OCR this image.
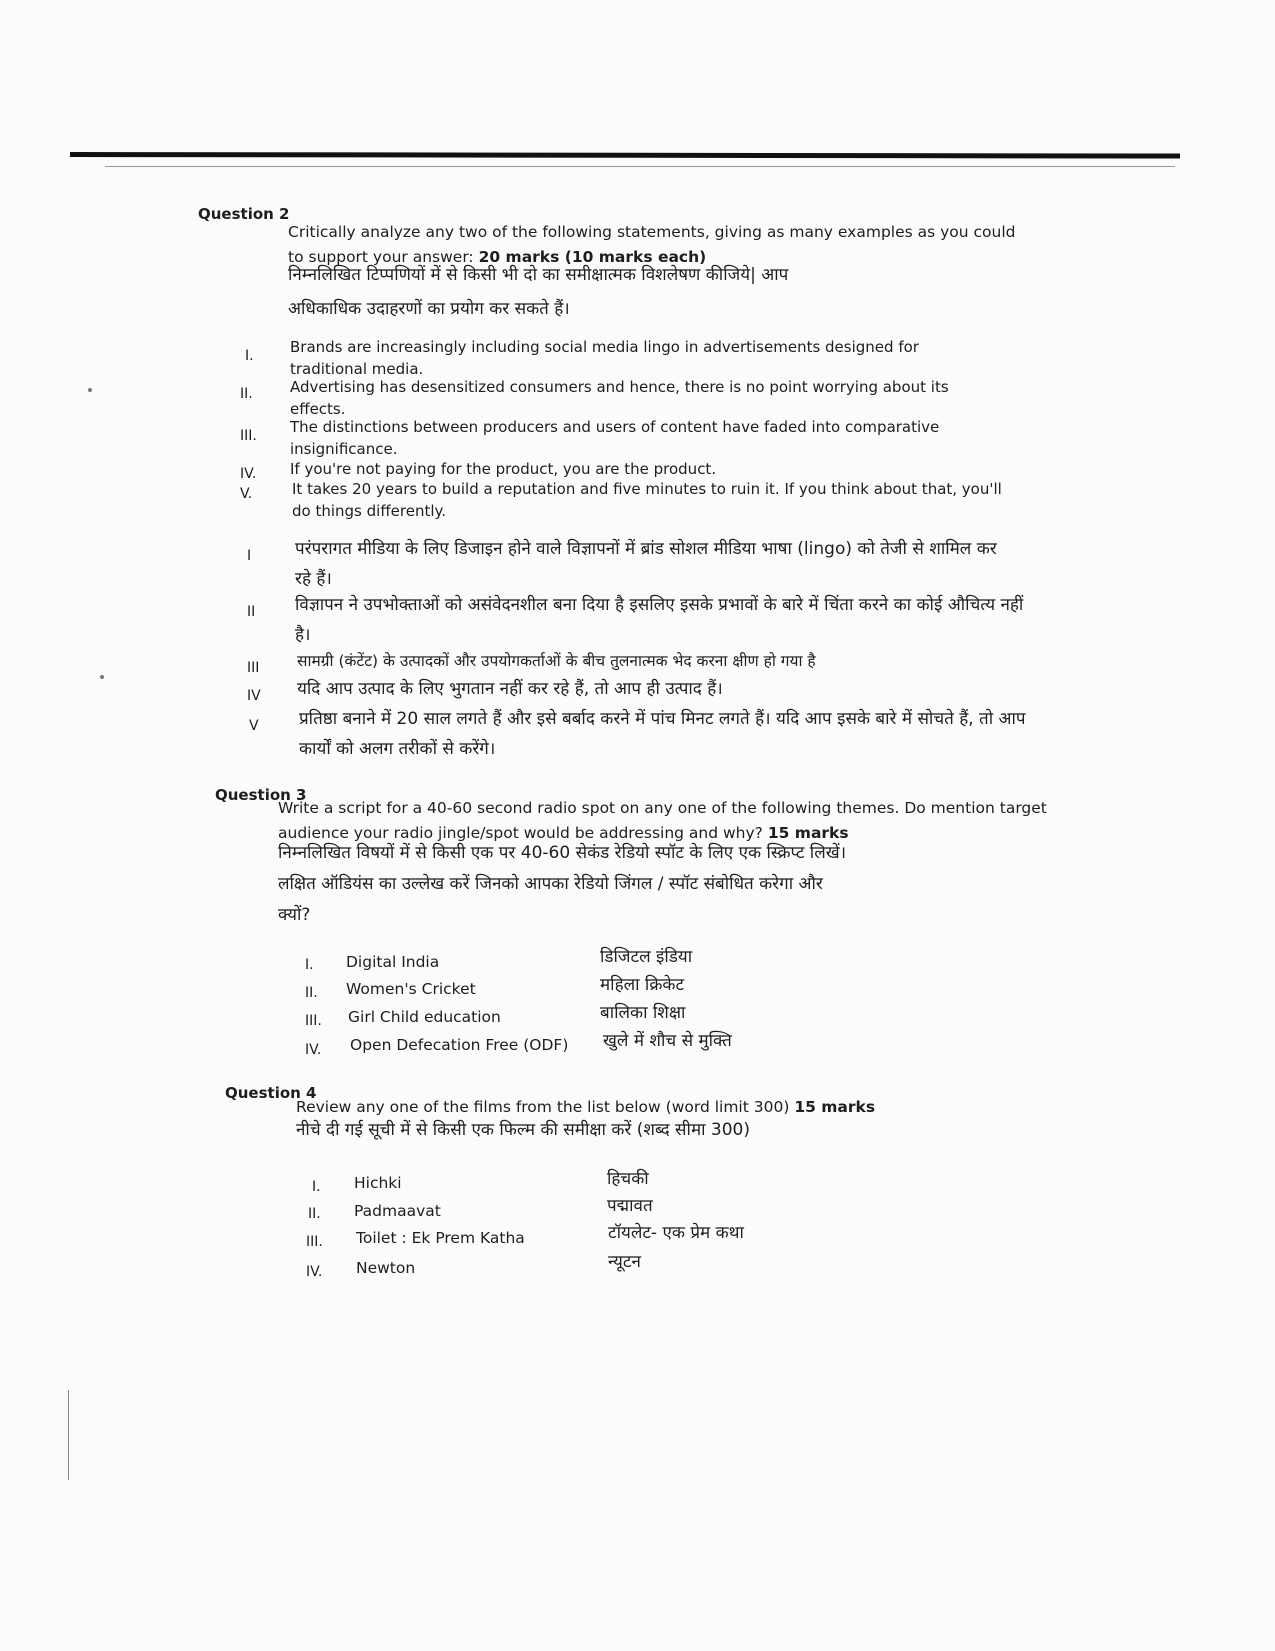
Question 2
Critically analyze any two of the following statements, giving as many examples as you could to support your answer: 20 marks (10 marks each)
निम्नलिखित टिप्पणियों में से किसी भी दो का समीक्षात्मक विशलेषण कीजिये| आप
अधिकाधिक उदाहरणों का प्रयोग कर सकते हैं।
I. Brands are increasingly including social media lingo in advertisements designed for traditional media.
II. Advertising has desensitized consumers and hence, there is no point worrying about its effects.
III. The distinctions between producers and users of content have faded into comparative insignificance.
IV. If you're not paying for the product, you are the product.
V.	It takes 20 years to build a reputation and five minutes to ruin it. If you think about that, you'll do things differently.
I	परंपरागत मीडिया के लिए डिजाइन होने वाले विज्ञापनों में ब्रांड सोशल मीडिया भाषा (lingo) को तेजी से शामिल कर रहे हैं।
II विज्ञापन ने उपभोक्ताओं को असंवेदनशील बना दिया है इसलिए इसके प्रभावों के बारे में चिंता करने का कोई औचित्य नहीं है।
III सामग्री (कंटेंट) के उत्पादकों और उपयोगकर्ताओं के बीच तुलनात्मक भेद करना क्षीण हो गया है
IV यदि आप उत्पाद के लिए भुगतान नहीं कर रहे हैं, तो आप ही उत्पाद हैं।
V प्रतिष्ठा बनाने में 20 साल लगते हैं और इसे बर्बाद करने में पांच मिनट लगते हैं। यदि आप इसके बारे में सोचते हैं, तो आप कार्यों को अलग तरीकों से करेंगे।
Question 3
Write a script for a 40-60 second radio spot on any one of the following themes. Do mention target audience your radio jingle/spot would be addressing and why? 15 marks
निम्नलिखित विषयों में से किसी एक पर 40-60 सेकंड रेडियो स्पॉट के लिए एक स्क्रिप्ट लिखें।
लक्षित ऑडियंस का उल्लेख करें जिनको आपका रेडियो जिंगल / स्पॉट संबोधित करेगा और
क्यों?
I. Digital India	डिजिटल इंडिया
II. Women's Cricket	महिला क्रिकेट
III. Girl Child education	बालिका शिक्षा
IV. Open Defecation Free (ODF) खुले में शौच से मुक्ति
Question 4
Review any one of the films from the list below (word limit 300) 15 marks
नीचे दी गई सूची में से किसी एक फिल्म की समीक्षा करें (शब्द सीमा 300)
I. Hichki	हिचकी
II. Padmaavat	पद्मावत
III. Toilet : Ek Prem Katha	टॉयलेट- एक प्रेम कथा
IV. Newton	न्यूटन
